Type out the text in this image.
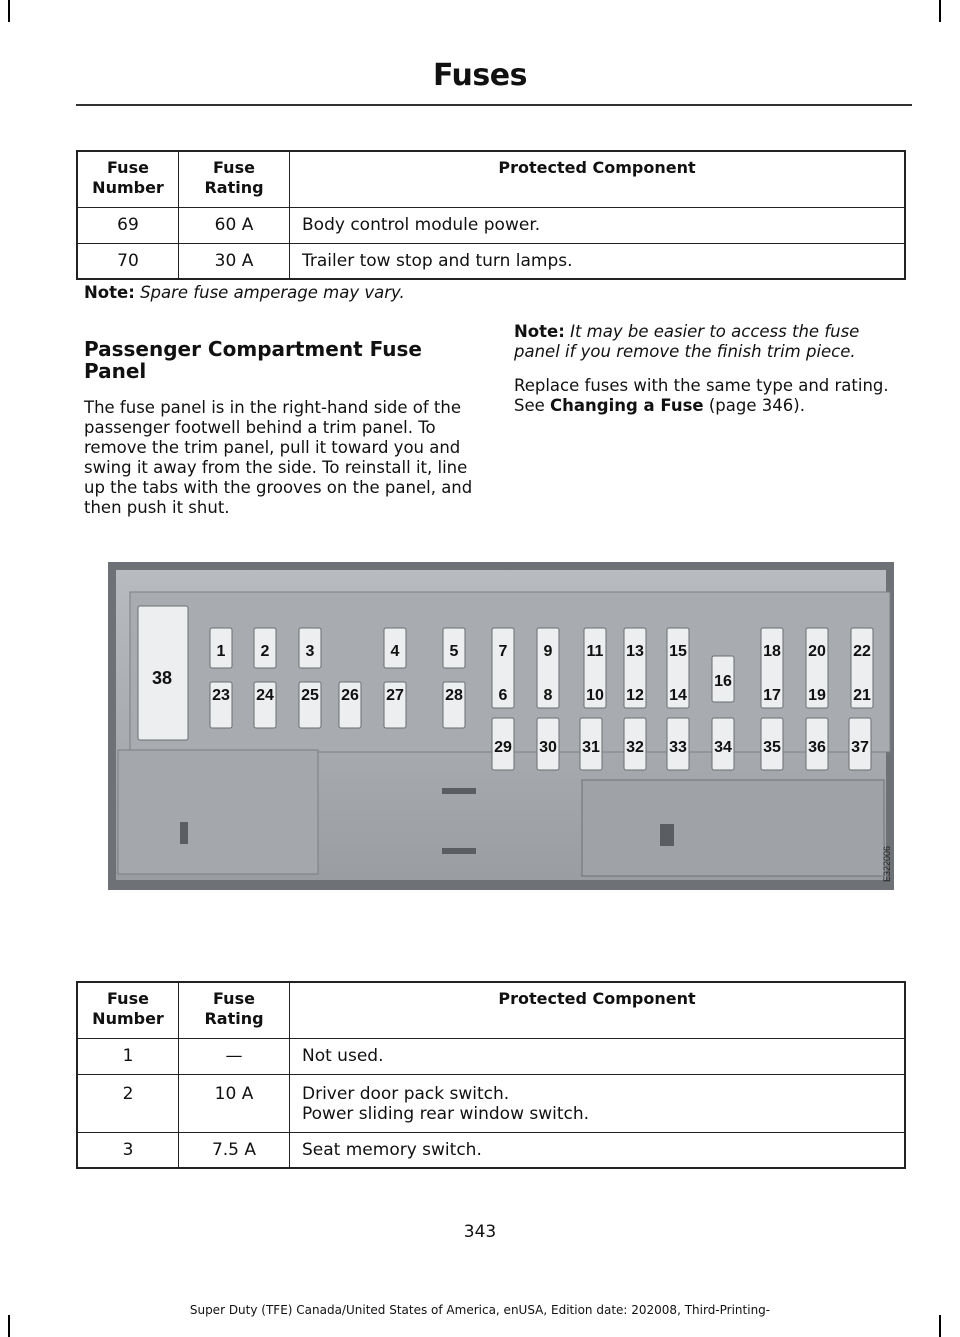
Fuses
Fuse Number	Fuse Rating	Protected Component
69	60 A	Body control module power.
70	30 A	Trailer tow stop and turn lamps.
Note: Spare fuse amperage may vary.
Passenger Compartment Fuse Panel
The fuse panel is in the right-hand side of the passenger footwell behind a trim panel. To remove the trim panel, pull it toward you and swing it away from the side. To reinstall it, line up the tabs with the grooves on the panel, and then push it shut.
Note: It may be easier to access the fuse panel if you remove the finish trim piece.
Replace fuses with the same type and rating. See Changing a Fuse (page 346).
38
1 2 3	4	5	7 9 11 13 15	18 20 22
23 24 25 26 27	28 6 8 10 12 14
16
17 19 21
29 30 31 32 33 34 35 36 37
E322006
Fuse Number	Fuse Rating	Protected Component
1	—	Not used.
2	10 A	Driver door pack switch.
Power sliding rear window switch.

3	7.5 A	Seat memory switch.
343
Super Duty (TFE) Canada/United States of America, enUSA, Edition date: 202008, Third-Printing-
